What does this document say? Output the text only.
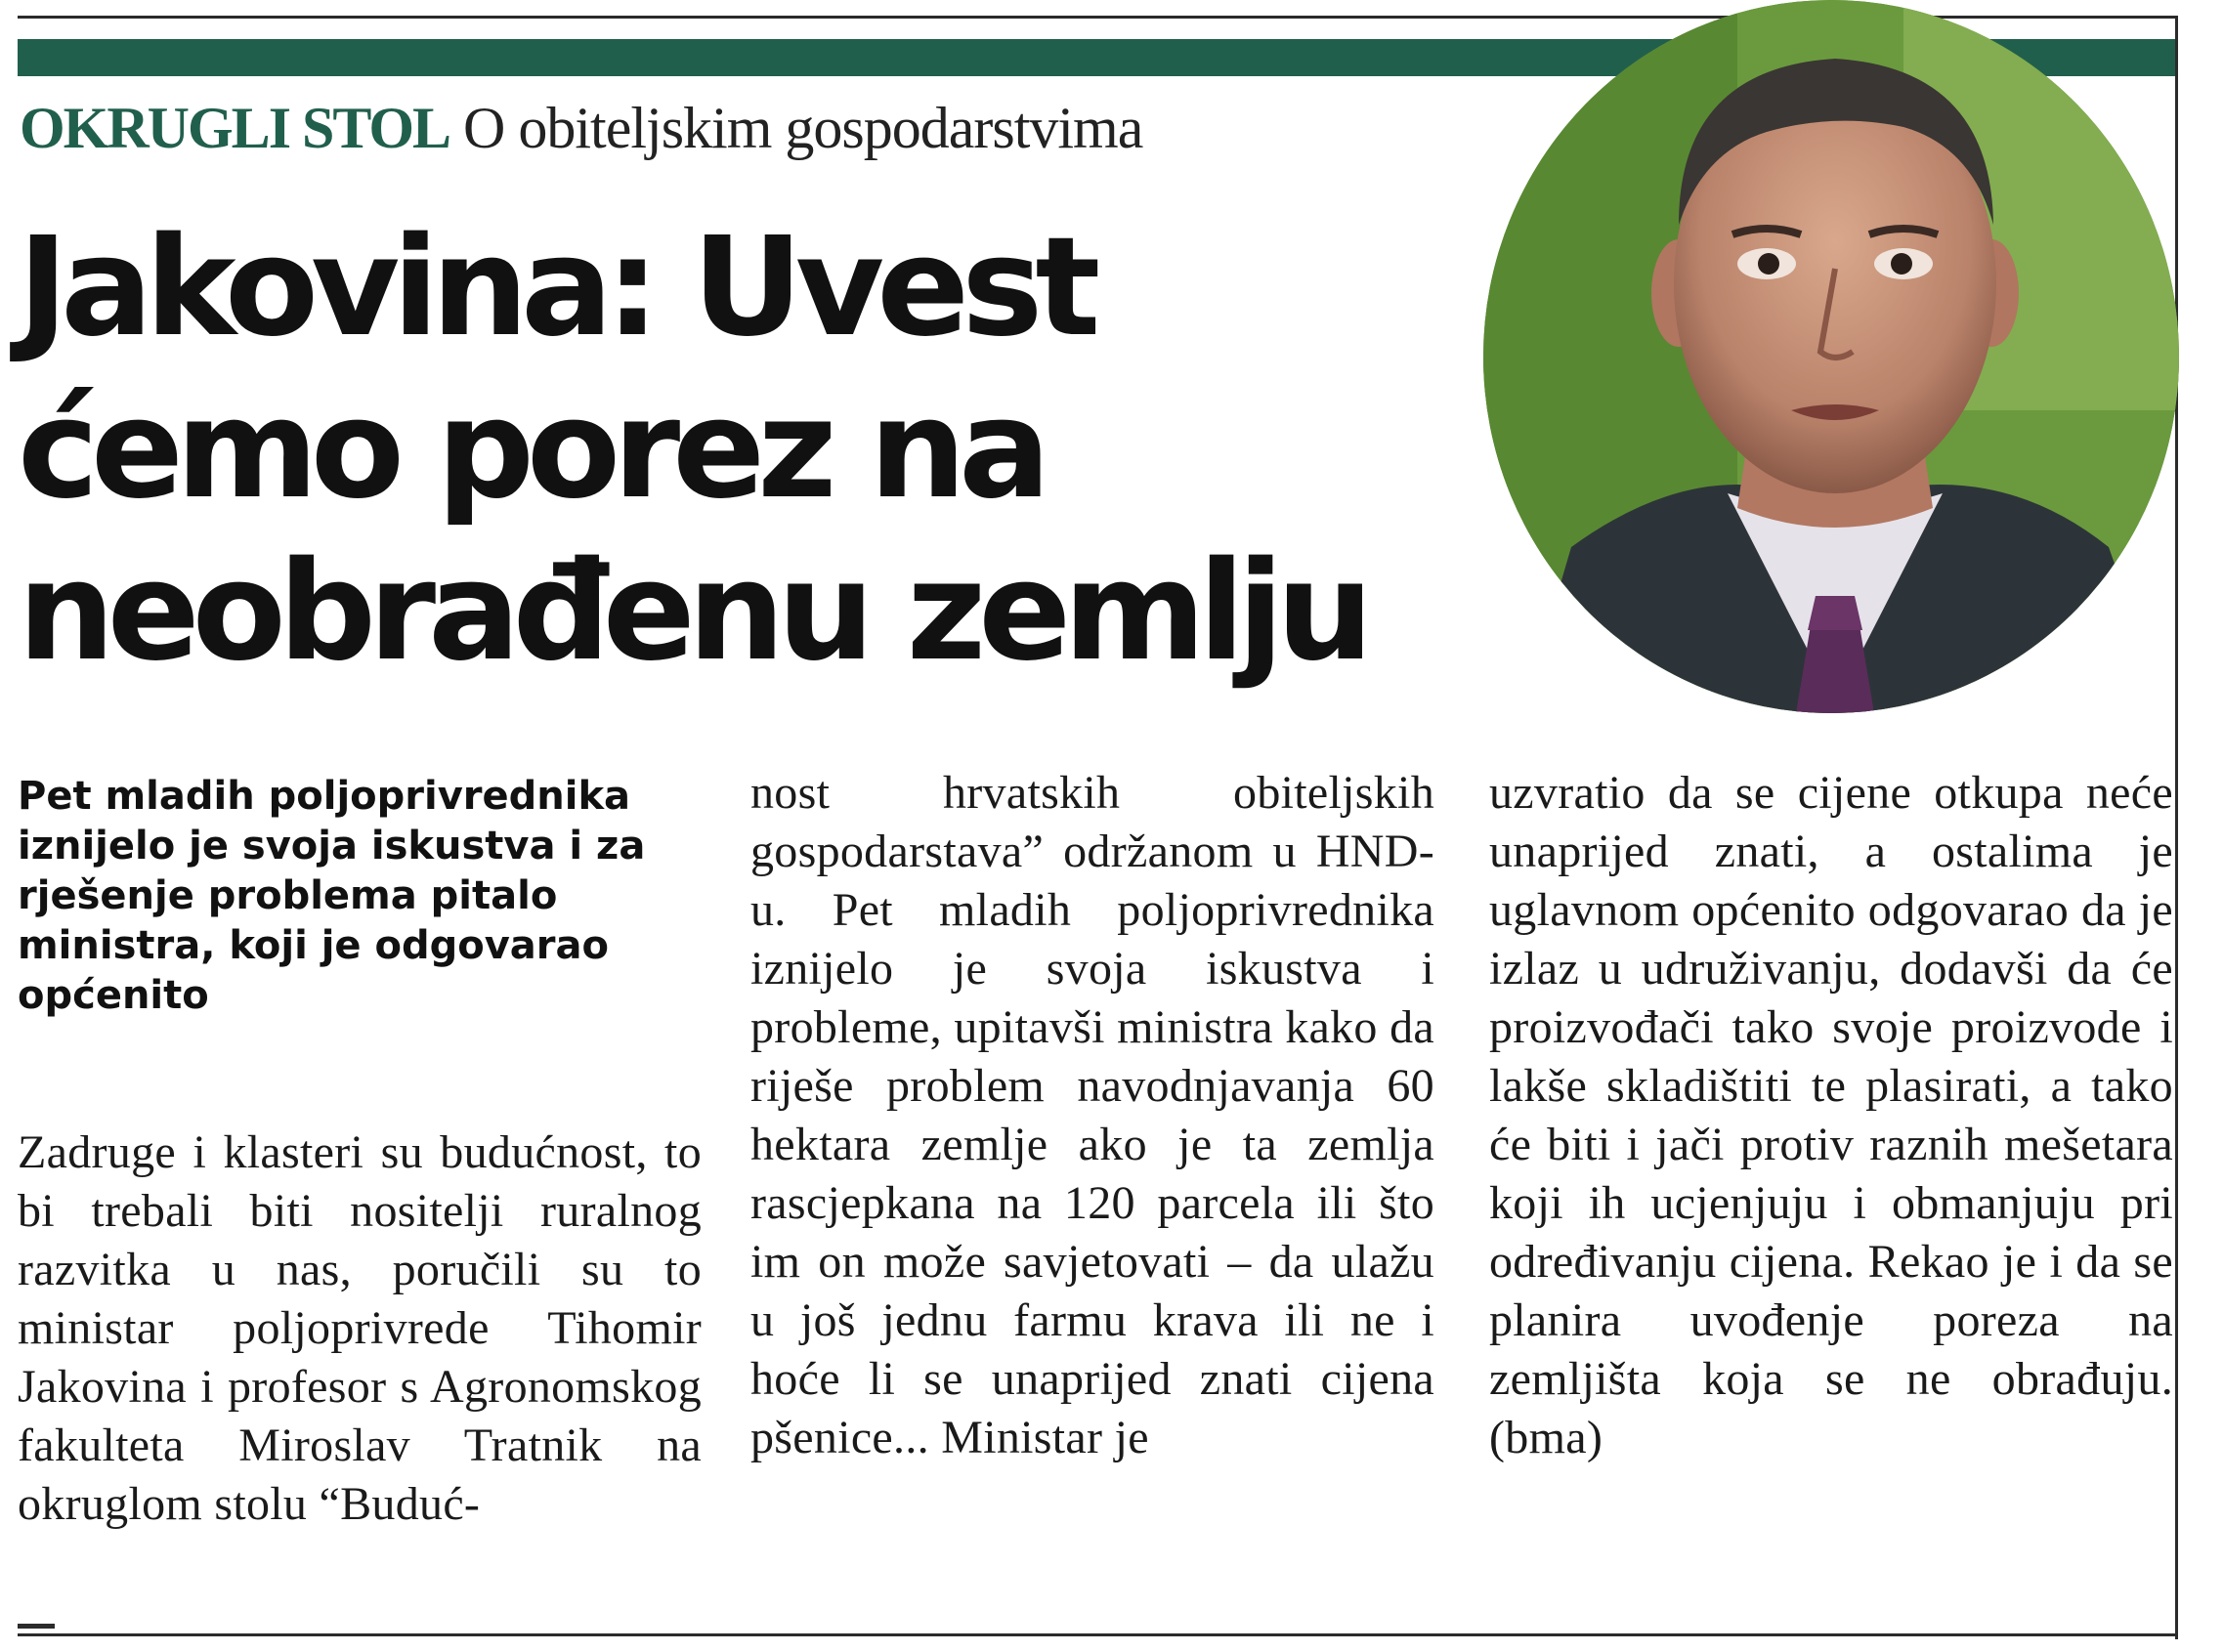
OKRUGLI STOL O obiteljskim gospodarstvima
Jakovina: Uvest
ćemo porez na
neobrađenu zemlju
Pet mladih poljoprivrednika iznijelo je svoja iskustva i za rješenje problema pitalo ministra, koji je odgovarao općenito
Zadruge i klasteri su budućnost, to bi trebali biti nositelji ruralnog razvitka u nas, poručili su to ministar poljoprivrede Tihomir Jakovina i profesor s Agronomskog fakulteta Miroslav Tratnik na okruglom stolu “Buduć-
nost hrvatskih obiteljskih gospodarstava” održanom u HND-u. Pet mladih poljoprivrednika iznijelo je svoja iskustva i probleme, upitavši ministra kako da riješe problem navodnjavanja 60 hektara zemlje ako je ta zemlja rascjepkana na 120 parcela ili što im on može savjetovati – da ulažu u još jednu farmu krava ili ne i hoće li se unaprijed znati cijena pšenice... Ministar je
uzvratio da se cijene otkupa neće unaprijed znati, a ostalima je uglavnom općenito odgovarao da je izlaz u udruživanju, dodavši da će proizvođači tako svoje proizvode i lakše skladištiti te plasirati, a tako će biti i jači protiv raznih mešetara koji ih ucjenjuju i obmanjuju pri određivanju cijena. Rekao je i da se planira uvođenje poreza na zemljišta koja se ne obrađuju. (bma)
